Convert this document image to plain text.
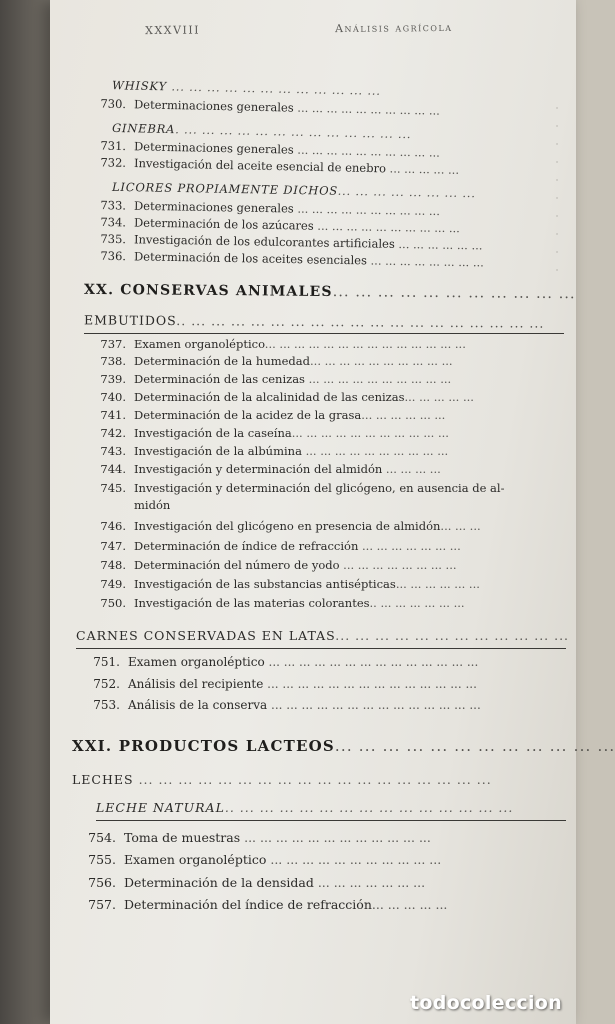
XXXVIII	Análisis agrícola
·
·
·
·
·
·
·
·
·
·
WHISKY ... ... ... ... ... ... ... ... ... ... ... ...
730. Determinaciones generales ... ... ... ... ... ... ... ... ... ...
GINEBRA. ... ... ... ... ... ... ... ... ... ... ... ... ...
731. Determinaciones generales ... ... ... ... ... ... ... ... ... ...
732. Investigación del aceite esencial de enebro ... ... ... ... ...
LICORES PROPIAMENTE DICHOS... ... ... ... ... ... ... ...
733. Determinaciones generales ... ... ... ... ... ... ... ... ... ...
734. Determinación de los azúcares ... ... ... ... ... ... ... ... ... ...
735. Investigación de los edulcorantes artificiales ... ... ... ... ... ...
736. Determinación de los aceites esenciales ... ... ... ... ... ... ... ...
XX. CONSERVAS ANIMALES... ... ... ... ... ... ... ... ... ... ...
EMBUTIDOS.. ... ... ... ... ... ... ... ... ... ... ... ... ... ... ... ... ... ...
737. Examen organoléptico... ... ... ... ... ... ... ... ... ... ... ... ... ...
738. Determinación de la humedad... ... ... ... ... ... ... ... ... ...
739. Determinación de las cenizas ... ... ... ... ... ... ... ... ... ...
740. Determinación de la alcalinidad de las cenizas... ... ... ... ...
741. Determinación de la acidez de la grasa... ... ... ... ... ...
742. Investigación de la caseína... ... ... ... ... ... ... ... ... ... ...
743. Investigación de la albúmina ... ... ... ... ... ... ... ... ... ...
744. Investigación y determinación del almidón ... ... ... ...
745. Investigación y determinación del glicógeno, en ausencia de al-
midón
746. Investigación del glicógeno en presencia de almidón... ... ...
747. Determinación de índice de refracción ... ... ... ... ... ... ...
748. Determinación del número de yodo ... ... ... ... ... ... ... ...
749. Investigación de las substancias antisépticas... ... ... ... ... ...
750. Investigación de las materias colorantes.. ... ... ... ... ... ...
CARNES CONSERVADAS EN LATAS... ... ... ... ... ... ... ... ... ... ... ...
751. Examen organoléptico ... ... ... ... ... ... ... ... ... ... ... ... ... ...
752. Análisis del recipiente ... ... ... ... ... ... ... ... ... ... ... ... ... ...
753. Análisis de la conserva ... ... ... ... ... ... ... ... ... ... ... ... ... ...
XXI. PRODUCTOS LACTEOS... ... ... ... ... ... ... ... ... ... ... ...
LECHES ... ... ... ... ... ... ... ... ... ... ... ... ... ... ... ... ... ...
LECHE NATURAL.. ... ... ... ... ... ... ... ... ... ... ... ... ... ...
754. Toma de muestras ... ... ... ... ... ... ... ... ... ... ... ...
755. Examen organoléptico ... ... ... ... ... ... ... ... ... ... ...
756. Determinación de la densidad ... ... ... ... ... ... ...
757. Determinación del índice de refracción... ... ... ... ...
todocoleccion
